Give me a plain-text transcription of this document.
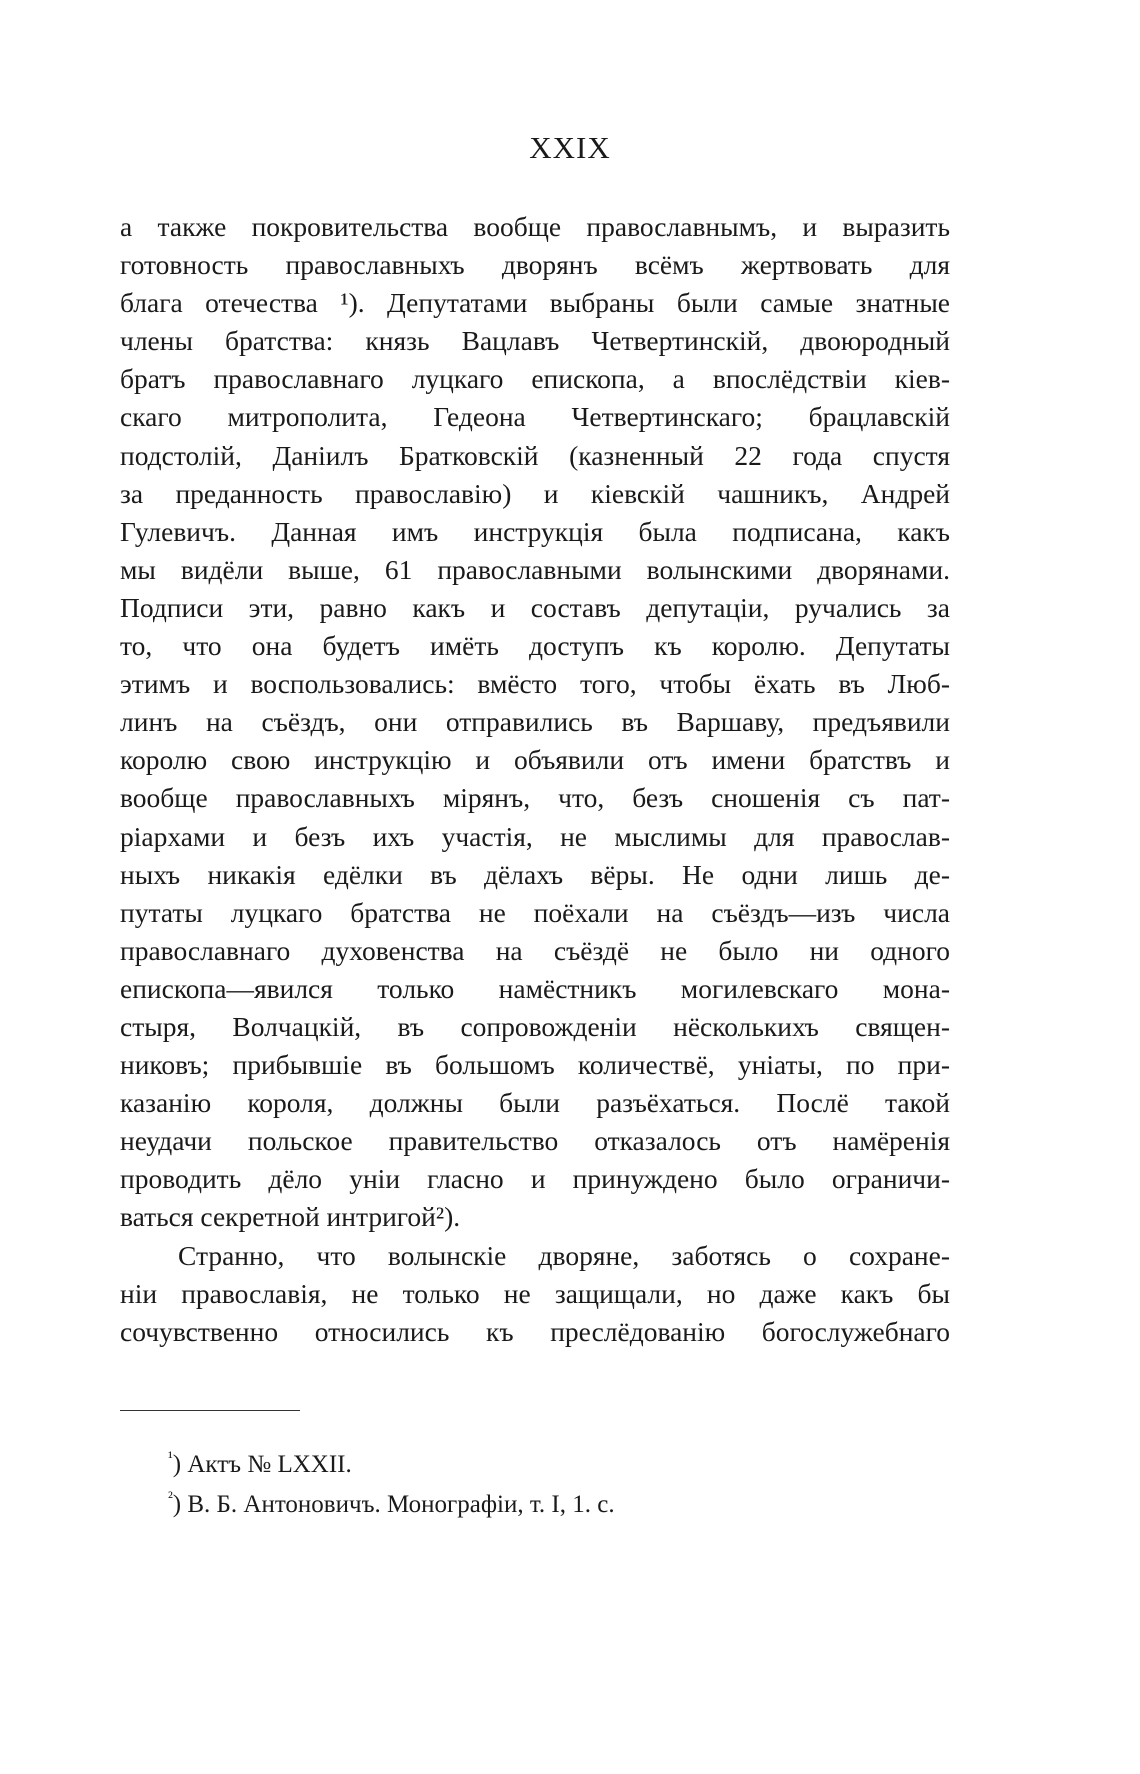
XXIX
а также покровительства вообще православнымъ, и выразить
готовность православныхъ дворянъ всёмъ жертвовать для
блага отечества ¹). Депутатами выбраны были самые знатные
члены братства: князь Вацлавъ Четвертинскій, двоюродный
братъ православнаго луцкаго епископа, а впослёдствіи кіев-
скаго митрополита, Гедеона Четвертинскаго; брацлавскій
подстолій, Даніилъ Братковскій (казненный 22 года спустя
за преданность православію) и кіевскій чашникъ, Андрей
Гулевичъ. Данная имъ инструкція была подписана, какъ
мы видёли выше, 61 православными волынскими дворянами.
Подписи эти, равно какъ и составъ депутаціи, ручались за
то, что она будетъ имёть доступъ къ королю. Депутаты
этимъ и воспользовались: вмёсто того, чтобы ёхать въ Люб-
линъ на съёздъ, они отправились въ Варшаву, предъявили
королю свою инструкцію и объявили отъ имени братствъ и
вообще православныхъ мірянъ, что, безъ сношенія съ пат-
ріархами и безъ ихъ участія, не мыслимы для православ-
ныхъ никакія едёлки въ дёлахъ вёры. Не одни лишь де-
путаты луцкаго братства не поёхали на съёздъ—изъ числа
православнаго духовенства на съёздё не было ни одного
епископа—явился только намёстникъ могилевскаго мона-
стыря, Волчацкій, въ сопровожденіи нёсколькихъ священ-
никовъ; прибывшіе въ большомъ количествё, уніаты, по при-
казанію короля, должны были разъёхаться. Послё такой
неудачи польское правительство отказалось отъ намёренія
проводить дёло уніи гласно и принуждено было ограничи-
ваться секретной интригой²).
Странно, что волынскіе дворяне, заботясь о сохране-
ніи православія, не только не защищали, но даже какъ бы
сочувственно относились къ преслёдованію богослужебнаго
$^{^1}$) Актъ № LXXII.
$^{^2}$) В. Б. Антоновичъ. Монографіи, т. I, 1. с.
